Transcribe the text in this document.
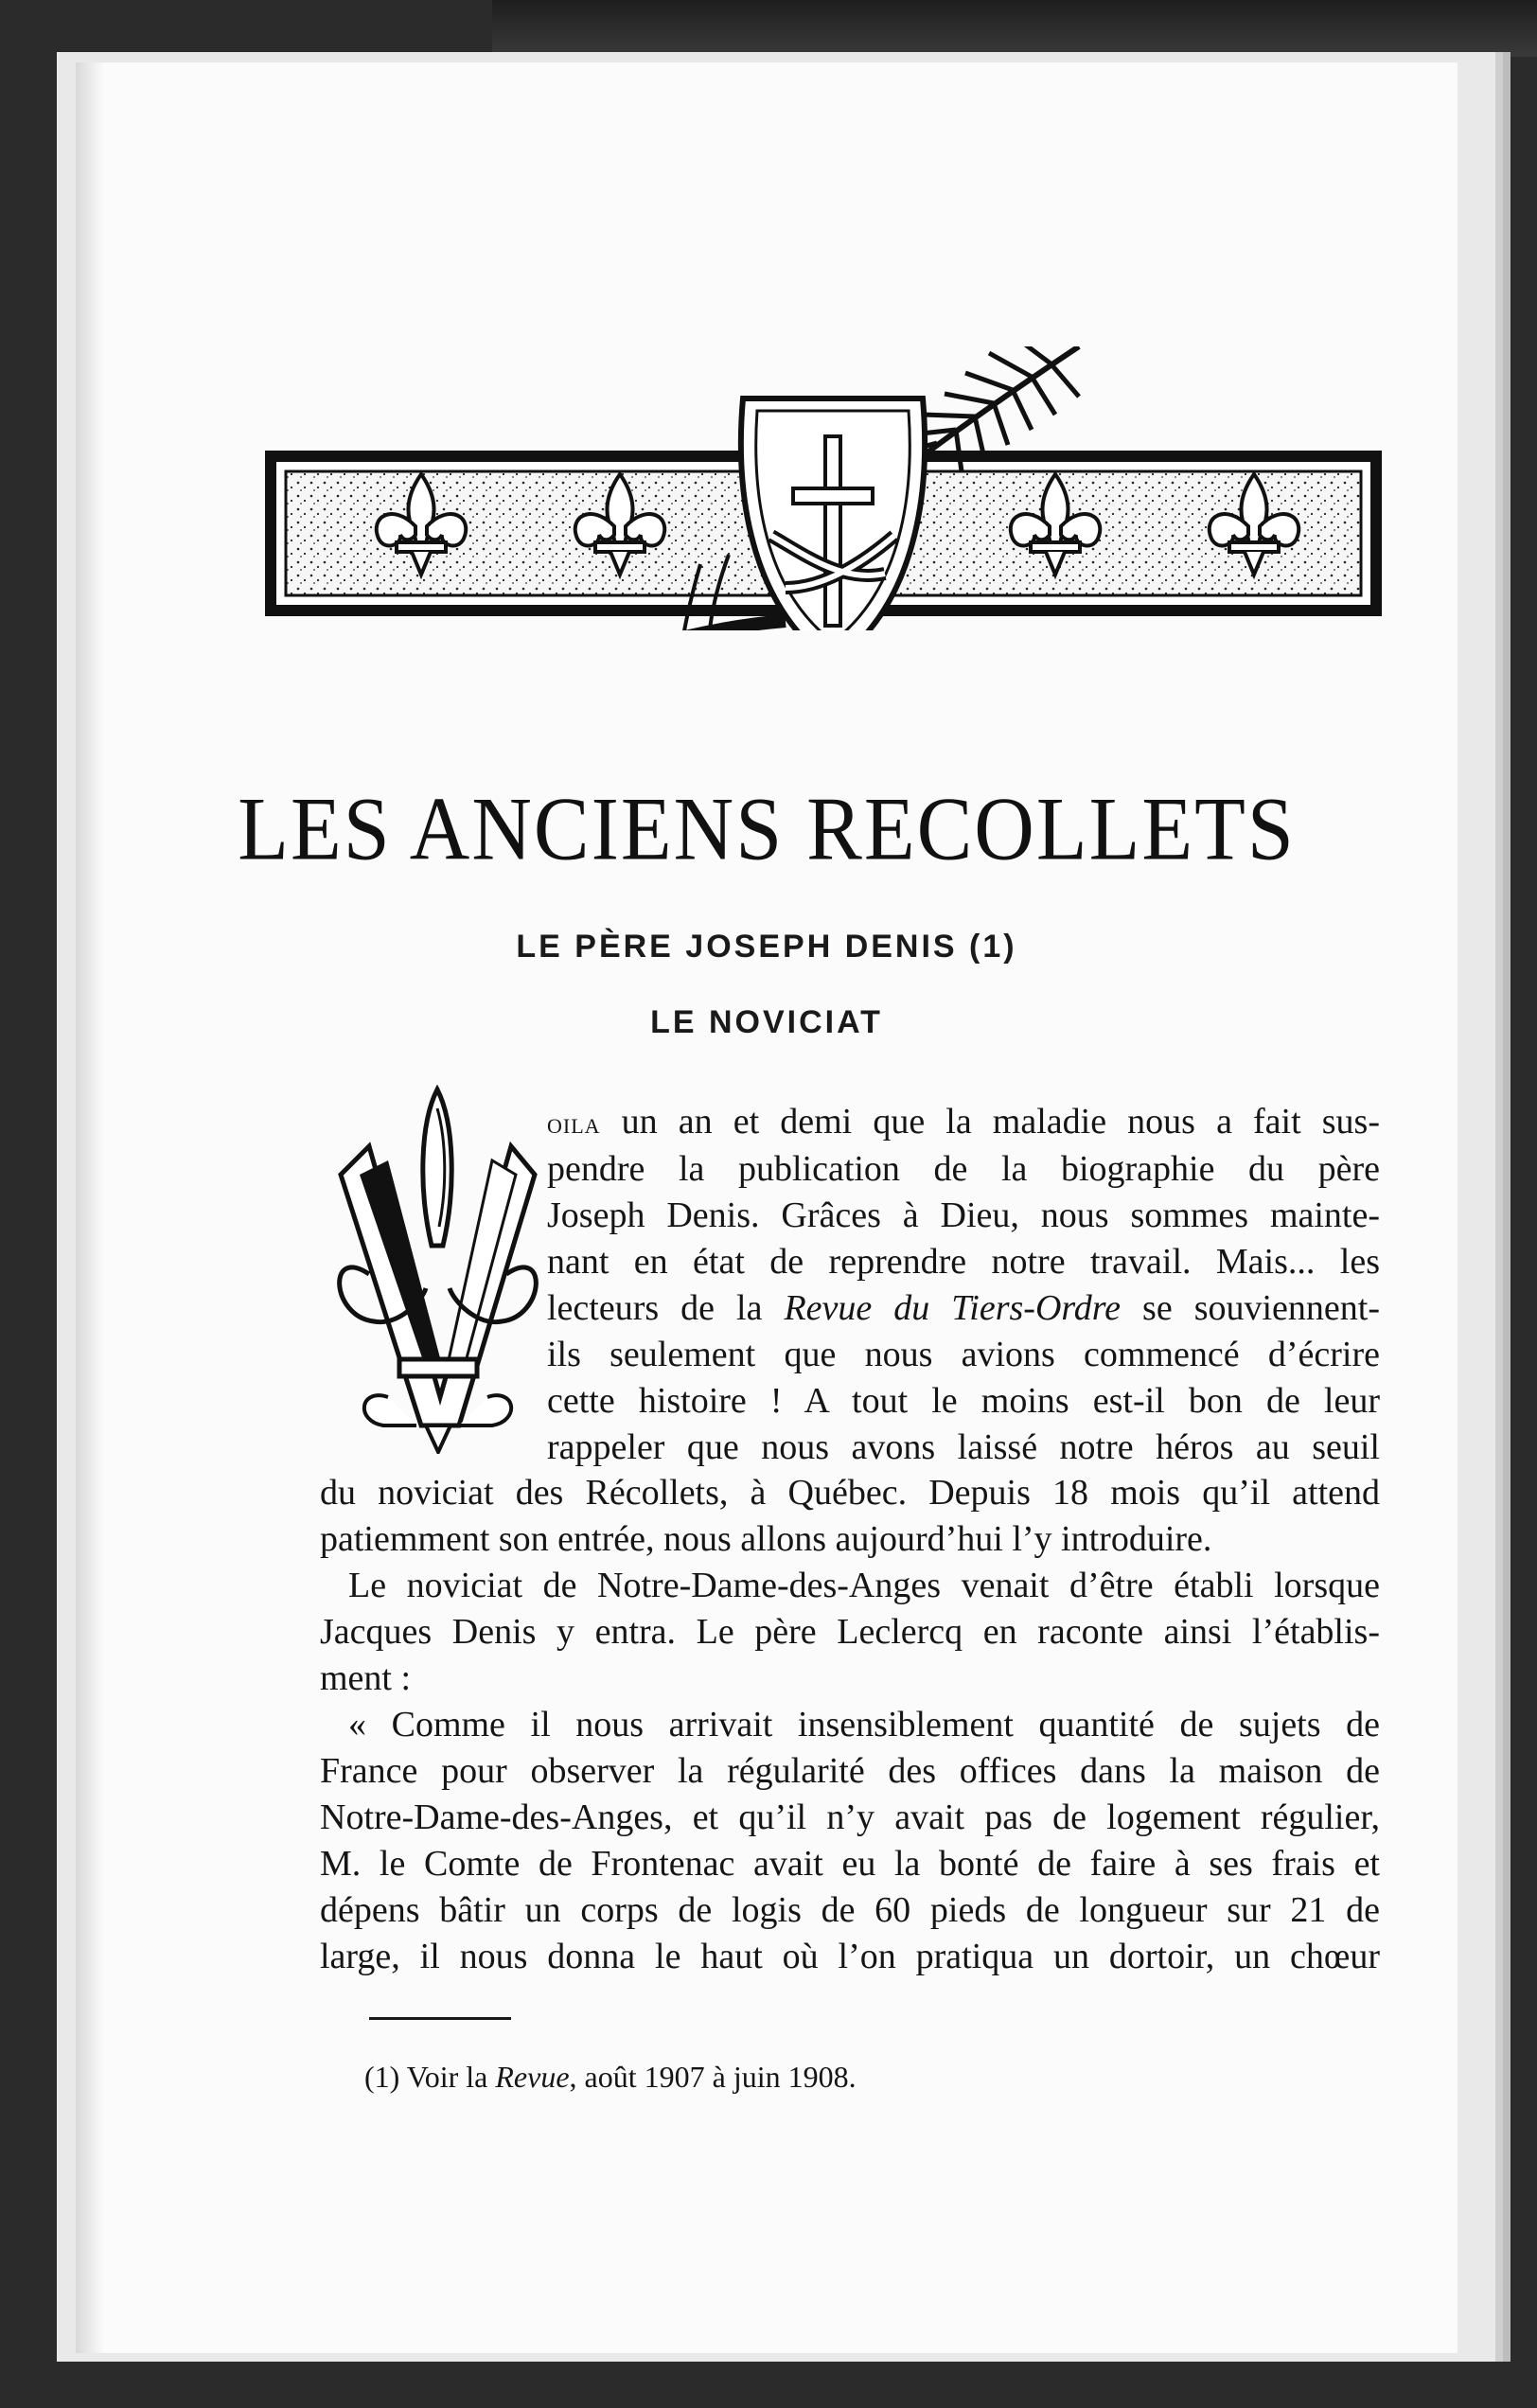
LES ANCIENS RECOLLETS
LE PÈRE JOSEPH DENIS (1)
LE NOVICIAT
V
oila un an et demi que la maladie nous a fait sus-
pendre la publication de la biographie du père
Joseph Denis. Grâces à Dieu, nous sommes mainte-
nant en état de reprendre notre travail. Mais... les
lecteurs de la Revue du Tiers-Ordre se souviennent-
ils seulement que nous avions commencé d’écrire
cette histoire ! A tout le moins est-il bon de leur
rappeler que nous avons laissé notre héros au seuil
du noviciat des Récollets, à Québec. Depuis 18 mois qu’il attend
patiemment son entrée, nous allons aujourd’hui l’y introduire.
Le noviciat de Notre-Dame-des-Anges venait d’être établi lorsque
Jacques Denis y entra. Le père Leclercq en raconte ainsi l’établis-
ment :
« Comme il nous arrivait insensiblement quantité de sujets de
France pour observer la régularité des offices dans la maison de
Notre-Dame-des-Anges, et qu’il n’y avait pas de logement régulier,
M. le Comte de Frontenac avait eu la bonté de faire à ses frais et
dépens bâtir un corps de logis de 60 pieds de longueur sur 21 de
large, il nous donna le haut où l’on pratiqua un dortoir, un chœur
(1) Voir la Revue, août 1907 à juin 1908.
